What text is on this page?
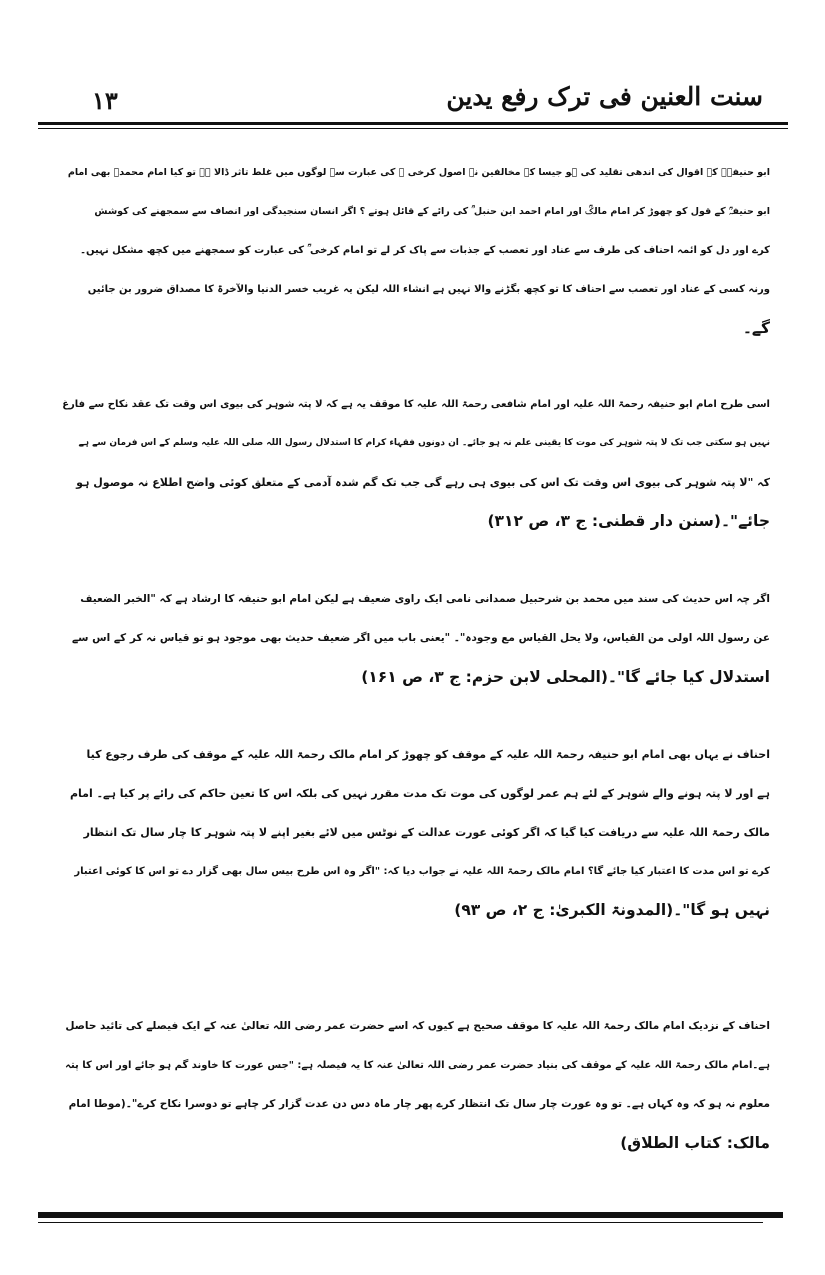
سنت العنین فی ترک رفع یدین
۱۳
ابو حنیفہؒ کے اقوال کی اندھی تقلید کی ہو جیسا کہ مخالفین نے اصول کرخی ؒ کی عبارت سے لوگوں میں غلط تاثر ڈالا ہے تو کیا امام محمدؒ بھی امام
ابو حنیفہؒ کے قول کو چھوڑ کر امام مالکؒ اور امام احمد ابن حنبل ؒ کی رائے کے قائل ہوتے ؟ اگر انسان سنجیدگی اور انصاف سے سمجھنے کی کوشش
کرے اور دل کو ائمہ احناف کی طرف سے عناد اور تعصب کے جذبات سے پاک کر لے تو امام کرخی ؒ کی عبارت کو سمجھنے میں کچھ مشکل نہیں۔
ورنہ کسی کے عناد اور تعصب سے احناف کا تو کچھ بگڑنے والا نہیں ہے انشاء اللہ لیکن یہ غریب خسر الدنیا والآخرۃ کا مصداق ضرور بن جائیں
گے۔
اسی طرح امام ابو حنیفہ رحمۃ اللہ علیہ اور امام شافعی رحمۃ اللہ علیہ کا موقف یہ ہے کہ لا پتہ شوہر کی بیوی اس وقت تک عقد نکاح سے فارغ
نہیں ہو سکتی جب تک لا پتہ شوہر کی موت کا یقینی علم نہ ہو جائے۔ ان دونوں فقہاء کرام کا استدلال رسول اللہ صلی اللہ علیہ وسلم کے اس فرمان سے ہے
کہ "لا پتہ شوہر کی بیوی اس وقت تک اس کی بیوی ہی رہے گی جب تک گم شدہ آدمی کے متعلق کوئی واضح اطلاع نہ موصول ہو
جائے"۔(سنن دار قطنی: ج ۳، ص ۳۱۲)
اگر چہ اس حدیث کی سند میں محمد بن شرحبیل صمدانی نامی ایک راوی ضعیف ہے لیکن امام ابو حنیفہ کا ارشاد ہے کہ "الخبر الضعیف
عن رسول اللہ اولی من القیاس، ولا یحل القیاس مع وجودہ"۔ "یعنی باب میں اگر ضعیف حدیث بھی موجود ہو تو قیاس نہ کر کے اس سے
استدلال کیا جائے گا"۔(المحلی لابن حزم: ج ۳، ص ۱۶۱)
احناف نے یہاں بھی امام ابو حنیفہ رحمۃ اللہ علیہ کے موقف کو چھوڑ کر امام مالک رحمۃ اللہ علیہ کے موقف کی طرف رجوع کیا
ہے اور لا پتہ ہونے والے شوہر کے لئے ہم عمر لوگوں کی موت تک مدت مقرر نہیں کی بلکہ اس کا تعین حاکم کی رائے پر کیا ہے۔ امام
مالک رحمۃ اللہ علیہ سے دریافت کیا گیا کہ اگر کوئی عورت عدالت کے نوٹس میں لائے بغیر اپنے لا پتہ شوہر کا چار سال تک انتظار
کرے تو اس مدت کا اعتبار کیا جائے گا؟ امام مالک رحمۃ اللہ علیہ نے جواب دیا کہ: "اگر وہ اس طرح بیس سال بھی گزار دے تو اس کا کوئی اعتبار
نہیں ہو گا"۔(المدونۃ الکبریٰ: ج ۲، ص ۹۳)
احناف کے نزدیک امام مالک رحمۃ اللہ علیہ کا موقف صحیح ہے کیوں کہ اسے حضرت عمر رضی اللہ تعالیٰ عنہ کے ایک فیصلے کی تائید حاصل
ہے۔امام مالک رحمۃ اللہ علیہ کے موقف کی بنیاد حضرت عمر رضی اللہ تعالیٰ عنہ کا یہ فیصلہ ہے: "جس عورت کا خاوند گم ہو جائے اور اس کا پتہ
معلوم نہ ہو کہ وہ کہاں ہے۔ تو وہ عورت چار سال تک انتظار کرے پھر چار ماہ دس دن عدت گزار کر چاہے تو دوسرا نکاح کرے"۔(موطا امام
مالک: کتاب الطلاق)
